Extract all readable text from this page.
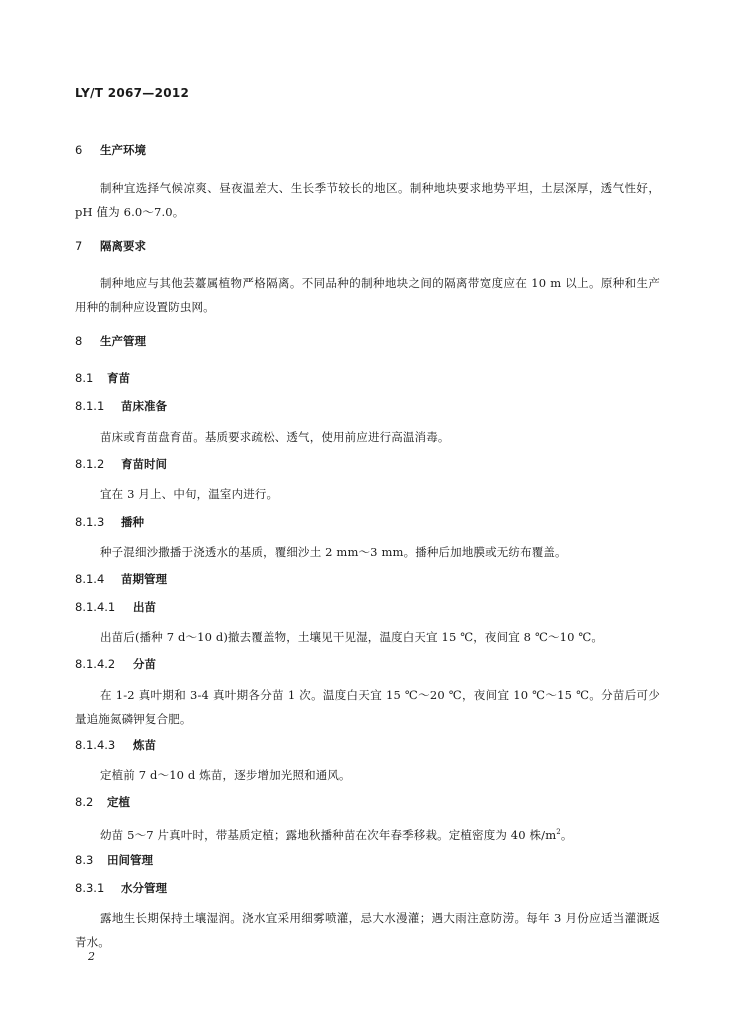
LY/T 2067—2012
6 生产环境
制种宜选择气候凉爽、昼夜温差大、生长季节较长的地区。制种地块要求地势平坦，土层深厚，透气性好，pH 值为 6.0～7.0。
7 隔离要求
制种地应与其他芸薹属植物严格隔离。不同品种的制种地块之间的隔离带宽度应在 10 m 以上。原种和生产用种的制种应设置防虫网。
8 生产管理
8.1 育苗
8.1.1 苗床准备
苗床或育苗盘育苗。基质要求疏松、透气，使用前应进行高温消毒。
8.1.2 育苗时间
宜在 3 月上、中旬，温室内进行。
8.1.3 播种
种子混细沙撒播于浇透水的基质，覆细沙土 2 mm～3 mm。播种后加地膜或无纺布覆盖。
8.1.4 苗期管理
8.1.4.1 出苗
出苗后(播种 7 d～10 d)撤去覆盖物，土壤见干见湿，温度白天宜 15 ℃，夜间宜 8 ℃～10 ℃。
8.1.4.2 分苗
在 1-2 真叶期和 3-4 真叶期各分苗 1 次。温度白天宜 15 ℃～20 ℃，夜间宜 10 ℃～15 ℃。分苗后可少量追施氮磷钾复合肥。
8.1.4.3 炼苗
定植前 7 d～10 d 炼苗，逐步增加光照和通风。
8.2 定植
幼苗 5～7 片真叶时，带基质定植；露地秋播种苗在次年春季移栽。定植密度为 40 株$/m^2$。
8.3 田间管理
8.3.1 水分管理
露地生长期保持土壤湿润。浇水宜采用细雾喷灌，忌大水漫灌；遇大雨注意防涝。每年 3 月份应适当灌溉返青水。
2
